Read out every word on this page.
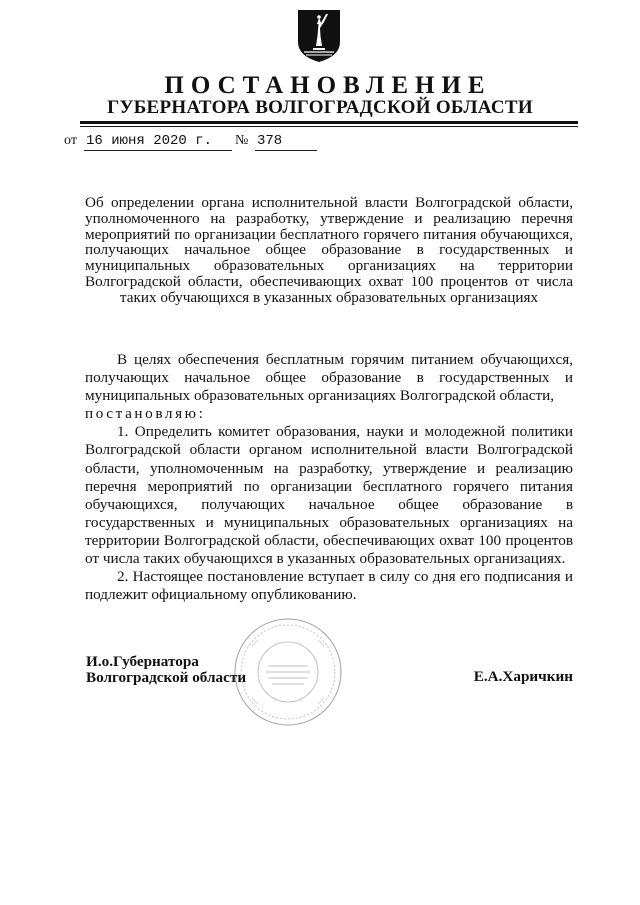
ПОСТАНОВЛЕНИЕ
ГУБЕРНАТОРА ВОЛГОГРАДСКОЙ ОБЛАСТИ
от 16 июня 2020 г.	№ 378
Об определении органа исполнительной власти Волгоградской области, уполномоченного на разработку, утверждение и реализацию перечня мероприятий по организации бесплатного горячего питания обучающихся, получающих начальное общее образование в государственных и муниципальных образовательных организациях на территории Волгоградской области, обеспечивающих охват 100 процентов от числа таких обучающихся в указанных образовательных организациях

В целях обеспечения бесплатным горячим питанием обучающихся, получающих начальное общее образование в государственных и муниципальных образовательных организациях Волгоградской области,

постановляю:

1. Определить комитет образования, науки и молодежной политики Волгоградской области органом исполнительной власти Волгоградской области, уполномоченным на разработку, утверждение и реализацию перечня мероприятий по организации бесплатного горячего питания обучающихся, получающих начальное общее образование в государственных и муниципальных образовательных организациях на территории Волгоградской области, обеспечивающих охват 100 процентов от числа таких обучающихся в указанных образовательных организациях.

2. Настоящее постановление вступает в силу со дня его подписания и подлежит официальному опубликованию.

И.о.Губернатора
Волгоградской области	Е.А.Харичкин
